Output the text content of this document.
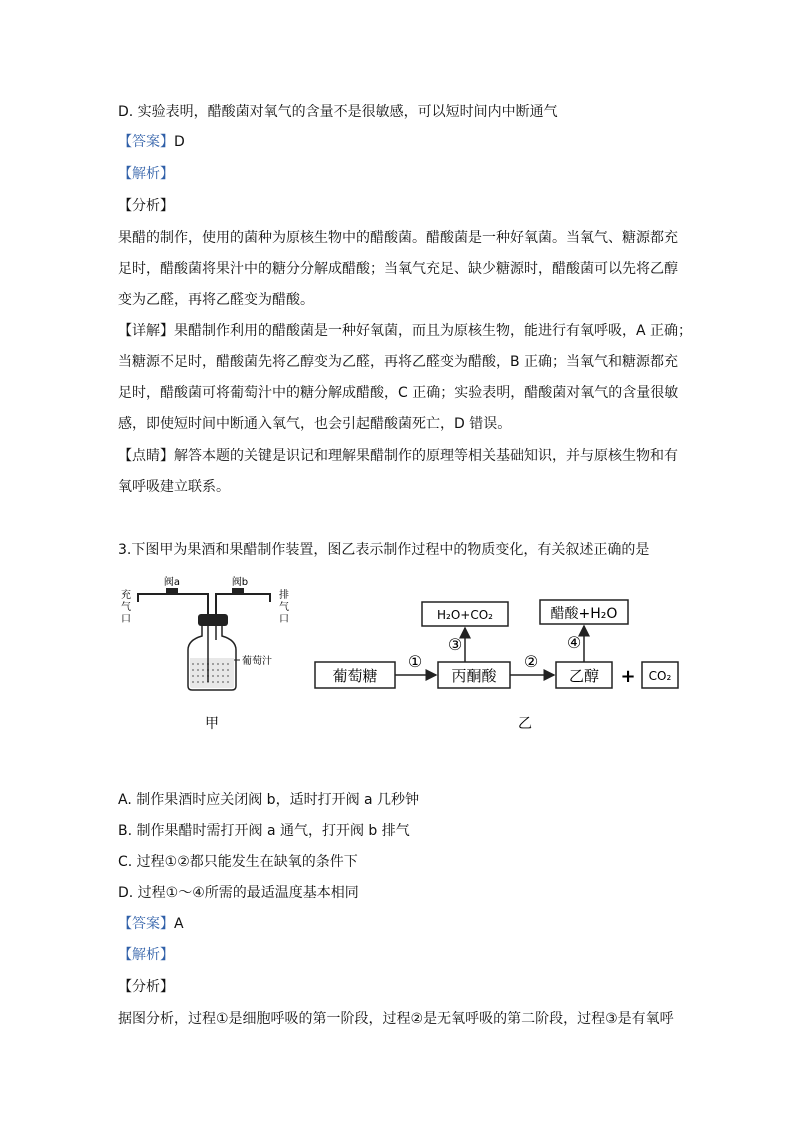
D. 实验表明，醋酸菌对氧气的含量不是很敏感，可以短时间内中断通气
【答案】D
【解析】
【分析】
果醋的制作，使用的菌种为原核生物中的醋酸菌。醋酸菌是一种好氧菌。当氧气、糖源都充
足时，醋酸菌将果汁中的糖分分解成醋酸；当氧气充足、缺少糖源时，醋酸菌可以先将乙醇
变为乙醛，再将乙醛变为醋酸。
【详解】果醋制作利用的醋酸菌是一种好氧菌，而且为原核生物，能进行有氧呼吸，A 正确；
当糖源不足时，醋酸菌先将乙醇变为乙醛，再将乙醛变为醋酸，B 正确；当氧气和糖源都充
足时，醋酸菌可将葡萄汁中的糖分解成醋酸，C 正确；实验表明，醋酸菌对氧气的含量很敏
感，即使短时间中断通入氧气，也会引起醋酸菌死亡，D 错误。
【点睛】解答本题的关键是识记和理解果醋制作的原理等相关基础知识，并与原核生物和有
氧呼吸建立联系。
3.下图甲为果酒和果醋制作装置，图乙表示制作过程中的物质变化，有关叙述正确的是
阀a	阀b
充
气
口
排
气
口
葡萄汁
甲
葡萄糖	丙酮酸	乙醇 + CO₂
H₂O+CO₂	醋酸+H₂O
①	②
③	④
乙
A. 制作果酒时应关闭阀 b，适时打开阀 a 几秒钟
B. 制作果醋时需打开阀 a 通气，打开阀 b 排气
C. 过程①②都只能发生在缺氧的条件下
D. 过程①～④所需的最适温度基本相同
【答案】A
【解析】
【分析】
据图分析，过程①是细胞呼吸的第一阶段，过程②是无氧呼吸的第二阶段，过程③是有氧呼
